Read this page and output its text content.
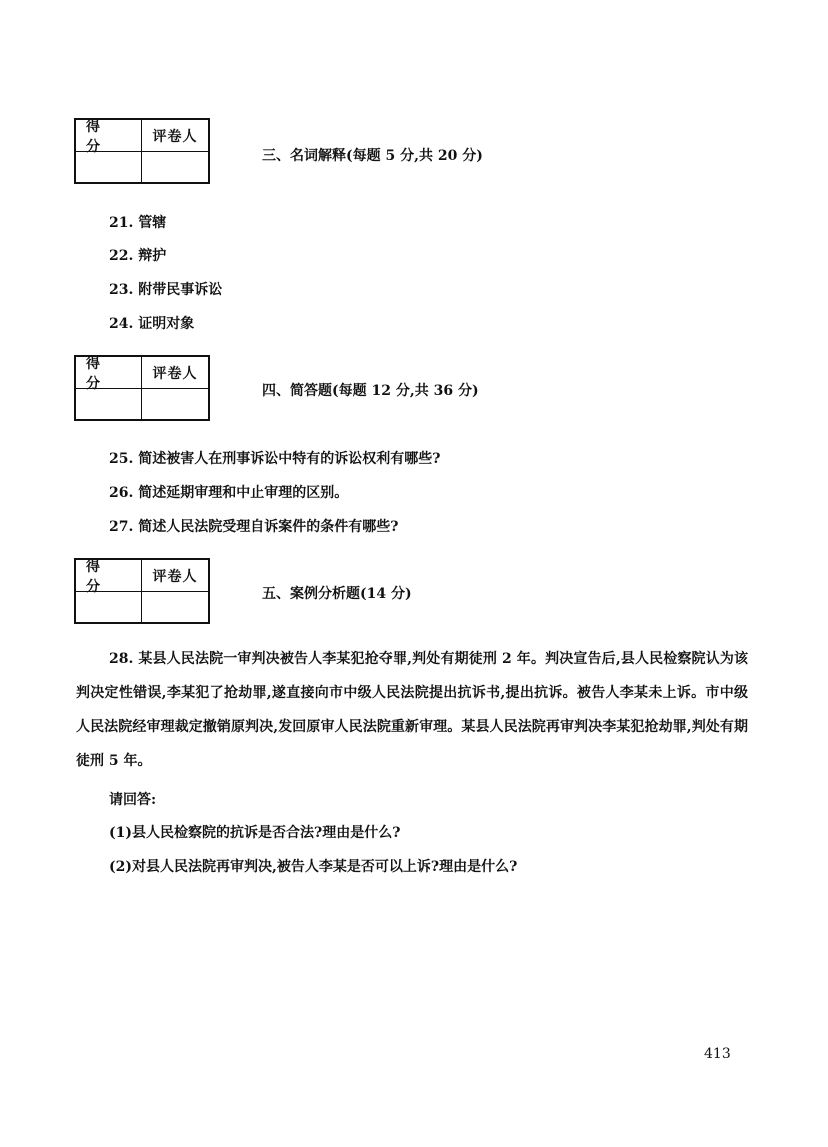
得 分
评卷人
三、名词解释(每题 5 分,共 20 分)
21. 管辖
22. 辩护
23. 附带民事诉讼
24. 证明对象
得 分
评卷人
四、简答题(每题 12 分,共 36 分)
25. 简述被害人在刑事诉讼中特有的诉讼权利有哪些?
26. 简述延期审理和中止审理的区别。
27. 简述人民法院受理自诉案件的条件有哪些?
得 分
评卷人
五、案例分析题(14 分)
28. 某县人民法院一审判决被告人李某犯抢夺罪,判处有期徒刑 2 年。判决宣告后,县人民检察院认为该判决定性错误,李某犯了抢劫罪,遂直接向市中级人民法院提出抗诉书,提出抗诉。被告人李某未上诉。市中级人民法院经审理裁定撤销原判决,发回原审人民法院重新审理。某县人民法院再审判决李某犯抢劫罪,判处有期徒刑 5 年。
请回答:
(1)县人民检察院的抗诉是否合法?理由是什么?
(2)对县人民法院再审判决,被告人李某是否可以上诉?理由是什么?
413
